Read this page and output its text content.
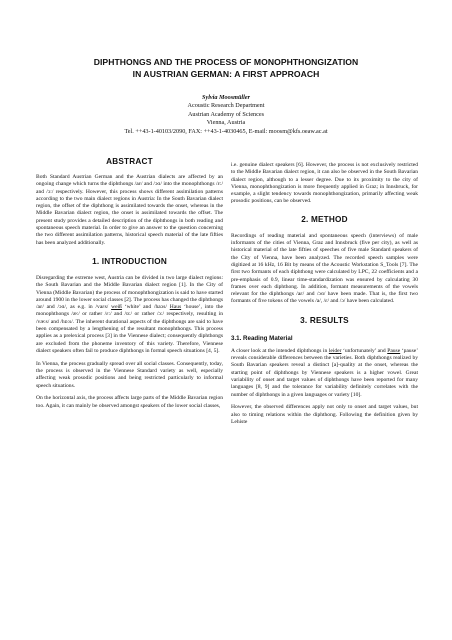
DIPHTHONGS AND THE PROCESS OF MONOPHTHONGIZATION
IN AUSTRIAN GERMAN: A FIRST APPROACH
Sylvia Moosmüller
Acoustic Research Department
Austrian Academy of Sciences
Vienna, Austria
Tel. ++43-1-40103/2090, FAX: ++43-1-4030465, E-mail: moosm@kfs.oeaw.ac.at
ABSTRACT

Both Standard Austrian German and the Austrian dialects are affected by an ongoing change which turns the diphthongs /aɛ/ and /ɔɑ/ into the monophthongs /ɛ:/ and /ɔ:/ respectively. However, this process shows different assimilation patterns according to the two main dialect regions in Austria: In the South Bavarian dialect region, the offset of the diphthong is assimilated towards the onset, whereas in the Middle Bavarian dialect region, the onset is assimilated towards the offset. The present study provides a detailed description of the diphthongs in both reading and spontaneous speech material. In order to give an answer to the question concerning the two different assimilation patterns, historical speech material of the late fifties has been analyzed additionally.

1. INTRODUCTION

Disregarding the extreme west, Austria can be divided in two large dialect regions: the South Bavarian and the Middle Bavarian dialect region [1]. In the City of Vienna (Middle Bavarian) the process of monophthongization is said to have started around 1900 in the lower social classes [2]. The process has changed the diphthongs /aɛ/ and /ɔɑ/, as e.g. in /vaɛs/ weiß ‘white’ and /haɔs/ Haus ‘house’, into the monophthongs /æ:/ or rather /ɛ:/ and /ɒ:/ or rather /ɔ:/ respectively, resulting in /væ:s/ and /hɒ:s/. The inherent durational aspects of the diphthongs are said to have been compensated by a lengthening of the resultant monophthongs. This process applies as a prelexical process [3] in the Viennese dialect; consequently diphthongs are excluded from the phoneme inventory of this variety. Therefore, Viennese dialect speakers often fail to produce diphthongs in formal speech situations [4, 5].

In Vienna, the process gradually spread over all social classes. Consequently, today, the process is observed in the Viennese Standard variety as well, especially affecting weak prosodic positions and being restricted particularly to informal speech situations.

On the horizontal axis, the process affects large parts of the Middle Bavarian region too. Again, it can mainly be observed amongst speakers of the lower social classes,

i.e. genuine dialect speakers [6]. However, the process is not exclusively restricted to the Middle Bavarian dialect region, it can also be observed in the South Bavarian dialect region, although to a lesser degree. Due to its proximity to the city of Vienna, monophthongization is more frequently applied in Graz; in Innsbruck, for example, a slight tendency towards monophthongization, primarily affecting weak prosodic positions, can be observed.

2. METHOD

Recordings of reading material and spontaneous speech (interviews) of male informants of the cities of Vienna, Graz and Innsbruck (five per city), as well as historical material of the late fifties of speeches of five male Standard speakers of the City of Vienna, have been analyzed. The recorded speech samples were digitized at 16 kHz, 16 Bit by means of the Acoustic Workstation S_Tools [7]. The first two formants of each diphthong were calculated by LPC, 22 coefficients and a pre-emphasis of 0.9, linear time-standardization was ensured by calculating 30 frames over each diphthong. In addition, formant measurements of the vowels relevant for the diphthongs /aɛ/ and /ɔɑ/ have been made. That is, the first two formants of five tokens of the vowels /a/, /ɛ/ and /ɔ/ have been calculated.

3. RESULTS
3.1. Reading Material

A closer look at the intended diphthongs in leider ‘unfortunately’ and Pause ‘pause’ reveals considerable differences between the varieties. Both diphthongs realized by South Bavarian speakers reveal a distinct [a]-quality at the onset, whereas the starting point of diphthongs by Viennese speakers is a higher vowel. Great variability of onset and target values of diphthongs have been reported for many languages [8, 9] and the tolerance for variability definitely correlates with the number of diphthongs in a given languages or variety [10].

However, the observed differences apply not only to onset and target values, but also to timing relations within the diphthong. Following the definition given by Lehiste
